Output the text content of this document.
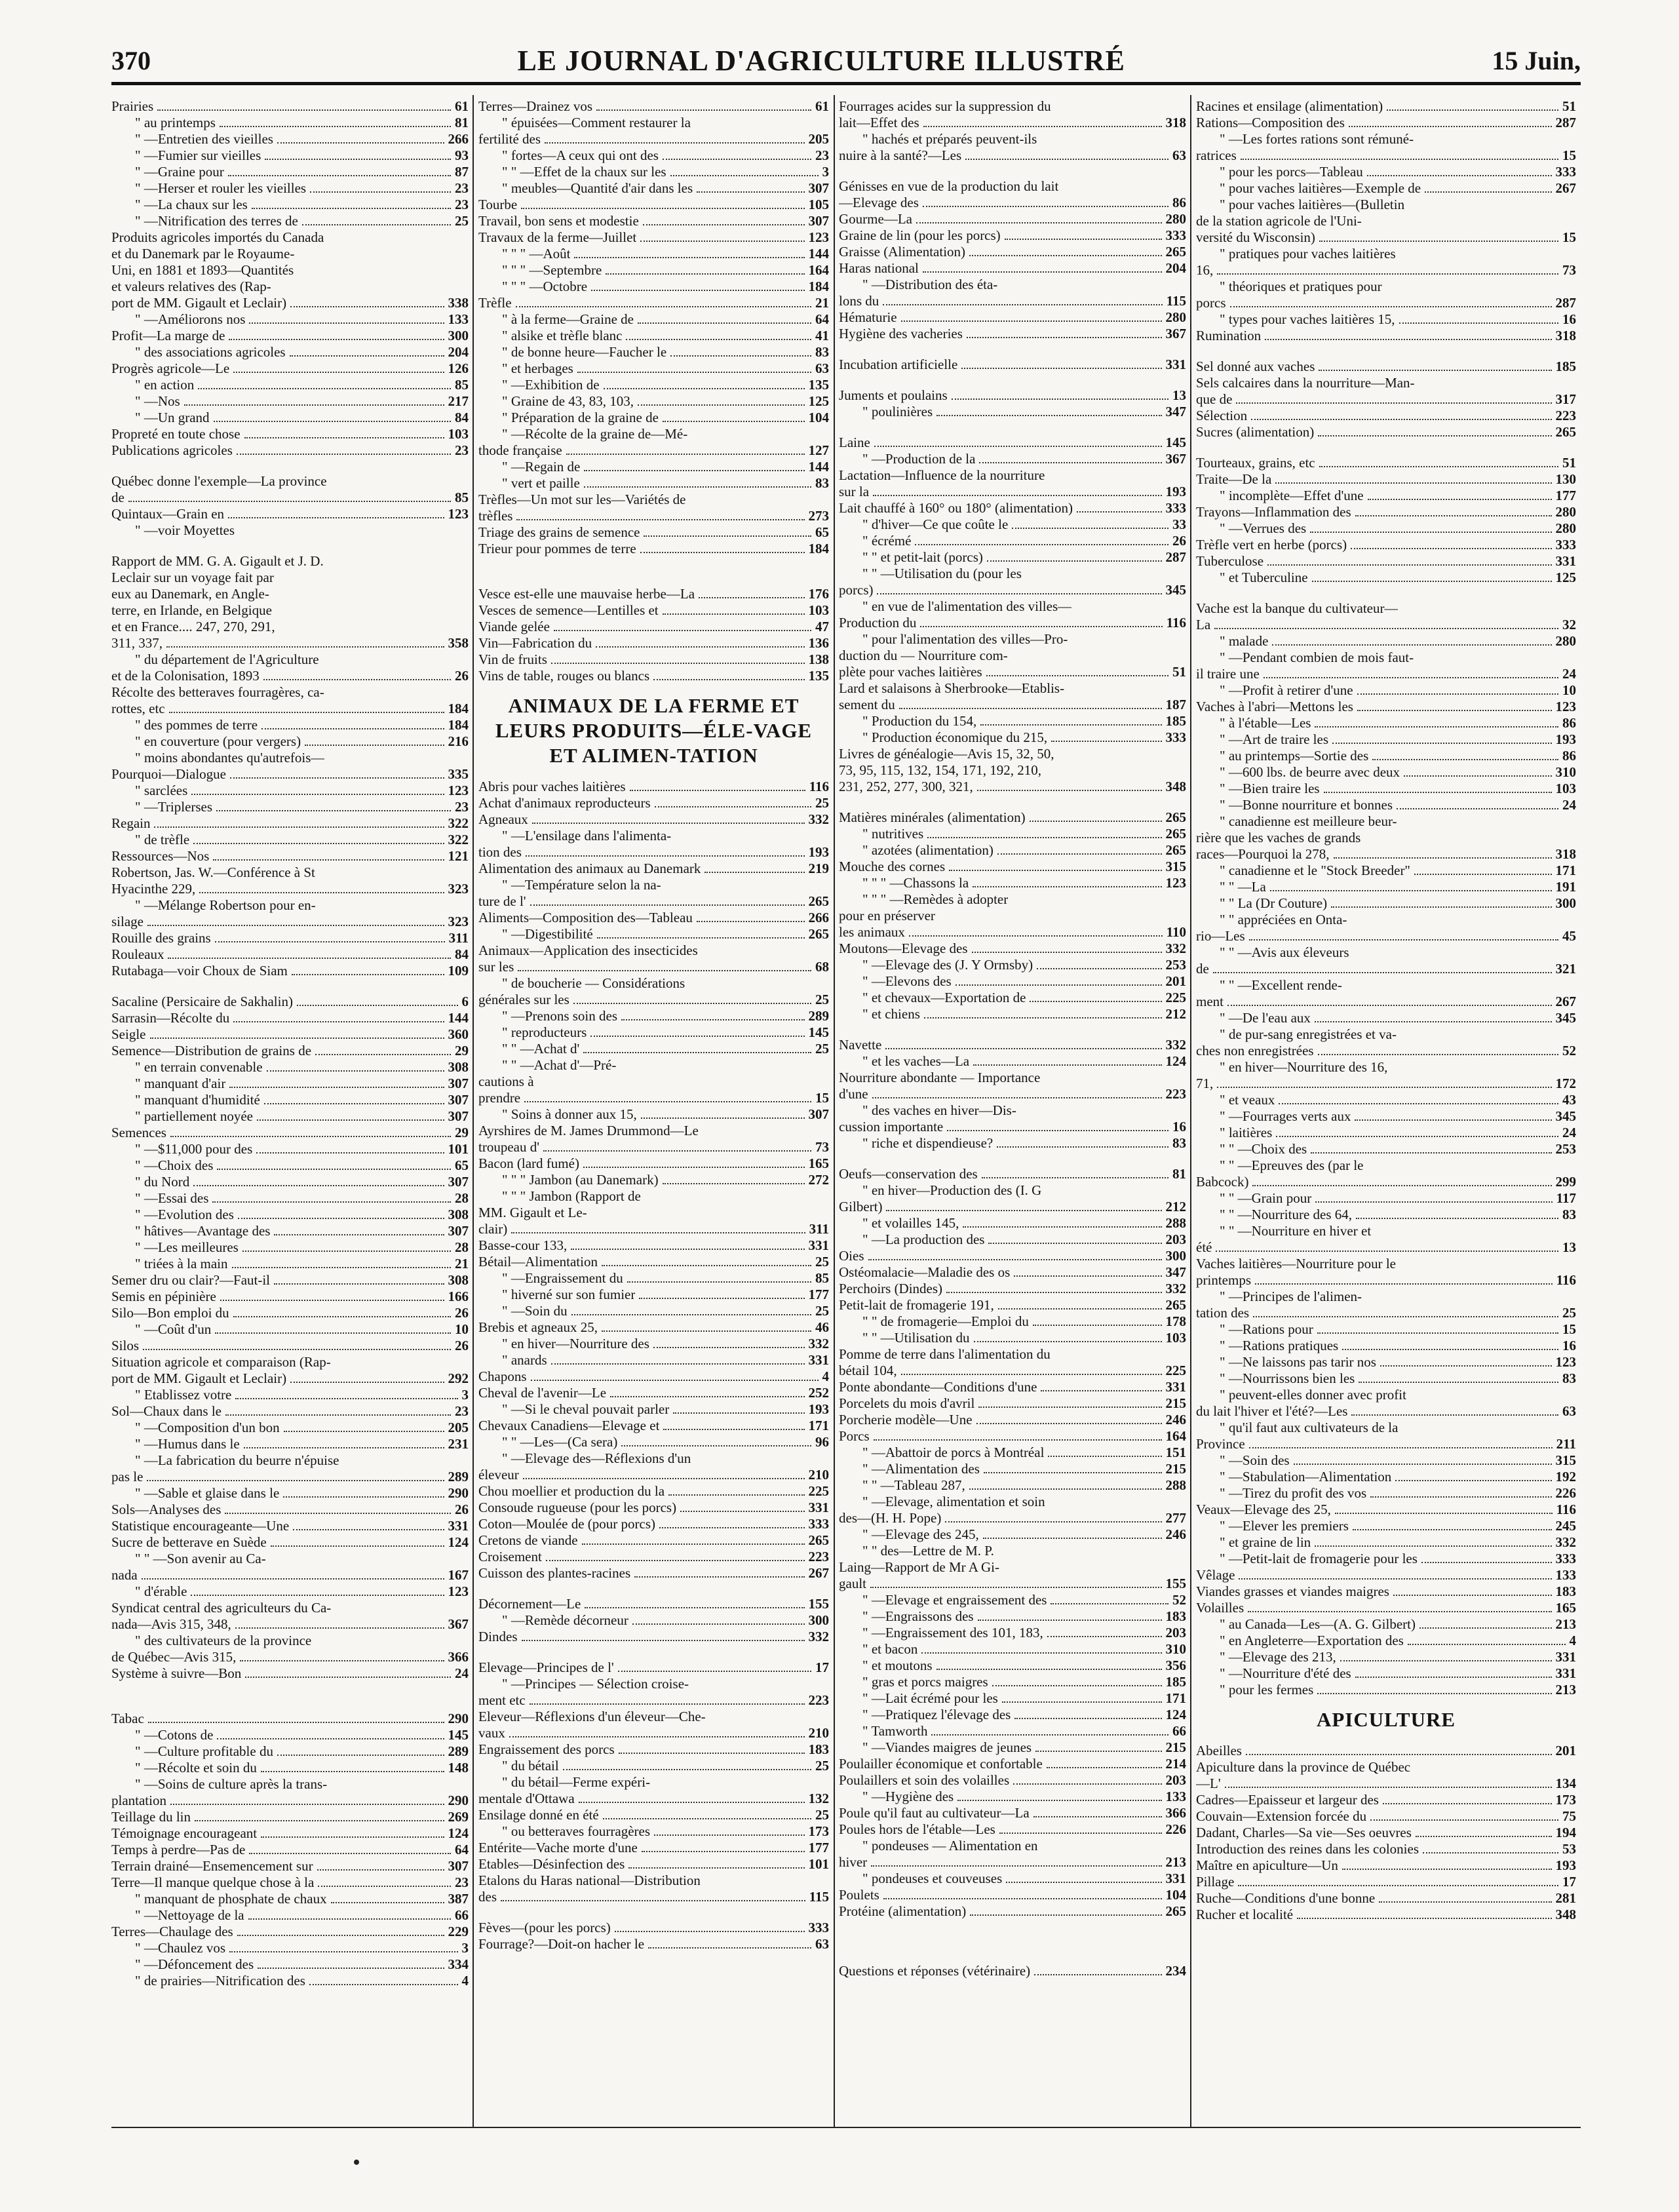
370	LE JOURNAL D'AGRICULTURE ILLUSTRÉ	15 Juin,
Prairies	61
" au printemps	81
" —Entretien des vieilles	266
" —Fumier sur vieilles	93
" —Graine pour	87
" —Herser et rouler les vieilles	23
" —La chaux sur les	23
" —Nitrification des terres de	25
Produits agricoles importés du Canada
et du Danemark par le Royaume-
Uni, en 1881 et 1893—Quantités
et valeurs relatives des (Rap-
port de MM. Gigault et Leclair)	338
" —Améliorons nos	133
Profit—La marge de	300
" des associations agricoles	204
Progrès agricole—Le	126
" en action	85
" —Nos	217
" —Un grand	84
Propreté en toute chose	103
Publications agricoles	23
Québec donne l'exemple—La province
de	85
Quintaux—Grain en	123
" —voir Moyettes
Rapport de MM. G. A. Gigault et J. D.
Leclair sur un voyage fait par
eux au Danemark, en Angle-
terre, en Irlande, en Belgique
et en France.... 247, 270, 291,
311, 337,	358
" du département de l'Agriculture
et de la Colonisation, 1893	26
Récolte des betteraves fourragères, ca-
rottes, etc	184
" des pommes de terre	184
" en couverture (pour vergers)	216
" moins abondantes qu'autrefois—
Pourquoi—Dialogue	335
" sarclées	123
" —Triplerses	23
Regain	322
" de trèfle	322
Ressources—Nos	121
Robertson, Jas. W.—Conférence à St
Hyacinthe 229,	323
" —Mélange Robertson pour en-
silage	323
Rouille des grains	311
Rouleaux	84
Rutabaga—voir Choux de Siam	109
Sacaline (Persicaire de Sakhalin)	6
Sarrasin—Récolte du	144
Seigle	360
Semence—Distribution de grains de	29
" en terrain convenable	308
" manquant d'air	307
" manquant d'humidité	307
" partiellement noyée	307
Semences	29
" —$11,000 pour des	101
" —Choix des	65
" du Nord	307
" —Essai des	28
" —Evolution des	308
" hâtives—Avantage des	307
" —Les meilleures	28
" triées à la main	21
Semer dru ou clair?—Faut-il	308
Semis en pépinière	166
Silo—Bon emploi du	26
" —Coût d'un	10
Silos	26
Situation agricole et comparaison (Rap-
port de MM. Gigault et Leclair)	292
" Etablissez votre	3
Sol—Chaux dans le	23
" —Composition d'un bon	205
" —Humus dans le	231
" —La fabrication du beurre n'épuise
pas le	289
" —Sable et glaise dans le	290
Sols—Analyses des	26
Statistique encourageante—Une	331
Sucre de betterave en Suède	124
" " —Son avenir au Ca-
nada	167
" d'érable	123
Syndicat central des agriculteurs du Ca-
nada—Avis 315, 348,	367
" des cultivateurs de la province
de Québec—Avis 315,	366
Système à suivre—Bon	24
Tabac	290
" —Cotons de	145
" —Culture profitable du	289
" —Récolte et soin du	148
" —Soins de culture après la trans-
plantation	290
Teillage du lin	269
Témoignage encourageant	124
Temps à perdre—Pas de	64
Terrain drainé—Ensemencement sur	307
Terre—Il manque quelque chose à la	23
" manquant de phosphate de chaux	387
" —Nettoyage de la	66
Terres—Chaulage des	229
" —Chaulez vos	3
" —Défoncement des	334
" de prairies—Nitrification des	4
Terres—Drainez vos	61
" épuisées—Comment restaurer la
fertilité des	205
" fortes—A ceux qui ont des	23
" " —Effet de la chaux sur les	3
" meubles—Quantité d'air dans les	307
Tourbe	105
Travail, bon sens et modestie	307
Travaux de la ferme—Juillet	123
" " " —Août	144
" " " —Septembre	164
" " " —Octobre	184
Trèfle	21
" à la ferme—Graine de	64
" alsike et trèfle blanc	41
" de bonne heure—Faucher le	83
" et herbages	63
" —Exhibition de	135
" Graine de 43, 83, 103,	125
" Préparation de la graine de	104
" —Récolte de la graine de—Mé-
thode française	127
" —Regain de	144
" vert et paille	83
Trèfles—Un mot sur les—Variétés de
trèfles	273
Triage des grains de semence	65
Trieur pour pommes de terre	184
Vesce est-elle une mauvaise herbe—La	176
Vesces de semence—Lentilles et	103
Viande gelée	47
Vin—Fabrication du	136
Vin de fruits	138
Vins de table, rouges ou blancs	135
ANIMAUX DE LA FERME ET LEURS PRODUITS—ÉLE-VAGE ET ALIMEN-TATION
Abris pour vaches laitières	116
Achat d'animaux reproducteurs	25
Agneaux	332
" —L'ensilage dans l'alimenta-
tion des	193
Alimentation des animaux au Danemark	219
" —Température selon la na-
ture de l'	265
Aliments—Composition des—Tableau	266
" —Digestibilité	265
Animaux—Application des insecticides
sur les	68
" de boucherie — Considérations
générales sur les	25
" —Prenons soin des	289
" reproducteurs	145
" " —Achat d'	25
" " —Achat d'—Pré-
cautions à
prendre	15
" Soins à donner aux 15,	307
Ayrshires de M. James Drummond—Le
troupeau d'	73
Bacon (lard fumé)	165
" " " Jambon (au Danemark)	272
" " " Jambon (Rapport de
MM. Gigault et Le-
clair)	311
Basse-cour 133,	331
Bétail—Alimentation	25
" —Engraissement du	85
" hiverné sur son fumier	177
" —Soin du	25
Brebis et agneaux 25,	46
" en hiver—Nourriture des	332
" anards	331
Chapons	4
Cheval de l'avenir—Le	252
" —Si le cheval pouvait parler	193
Chevaux Canadiens—Elevage et	171
" " —Les—(Ca sera)	96
" —Elevage des—Réflexions d'un
éleveur	210
Chou moellier et production du la	225
Consoude rugueuse (pour les porcs)	331
Coton—Moulée de (pour porcs)	333
Cretons de viande	265
Croisement	223
Cuisson des plantes-racines	267
Décornement—Le	155
" —Remède décorneur	300
Dindes	332
Elevage—Principes de l'	17
" —Principes — Sélection croise-
ment etc	223
Eleveur—Réflexions d'un éleveur—Che-
vaux	210
Engraissement des porcs	183
" du bétail	25
" du bétail—Ferme expéri-
mentale d'Ottawa	132
Ensilage donné en été	25
" ou betteraves fourragères	173
Entérite—Vache morte d'une	177
Etables—Désinfection des	101
Etalons du Haras national—Distribution
des	115
Fèves—(pour les porcs)	333
Fourrage?—Doit-on hacher le	63
Fourrages acides sur la suppression du
lait—Effet des	318
" hachés et préparés peuvent-ils
nuire à la santé?—Les	63
Génisses en vue de la production du lait
—Elevage des	86
Gourme—La	280
Graine de lin (pour les porcs)	333
Graisse (Alimentation)	265
Haras national	204
" —Distribution des éta-
lons du	115
Hématurie	280
Hygiène des vacheries	367
Incubation artificielle	331
Juments et poulains	13
" poulinières	347
Laine	145
" —Production de la	367
Lactation—Influence de la nourriture
sur la	193
Lait chauffé à 160° ou 180° (alimentation)	333
" d'hiver—Ce que coûte le	33
" écrémé	26
" " et petit-lait (porcs)	287
" " —Utilisation du (pour les
porcs)	345
" en vue de l'alimentation des villes—
Production du	116
" pour l'alimentation des villes—Pro-
duction du — Nourriture com-
plète pour vaches laitières	51
Lard et salaisons à Sherbrooke—Etablis-
sement du	187
" Production du 154,	185
" Production économique du 215,	333
Livres de généalogie—Avis 15, 32, 50,
73, 95, 115, 132, 154, 171, 192, 210,
231, 252, 277, 300, 321,	348
Matières minérales (alimentation)	265
" nutritives	265
" azotées (alimentation)	265
Mouche des cornes	315
" " " —Chassons la	123
" " " —Remèdes à adopter
pour en préserver
les animaux	110
Moutons—Elevage des	332
" —Elevage des (J. Y Ormsby)	253
" —Elevons des	201
" et chevaux—Exportation de	225
" et chiens	212
Navette	332
" et les vaches—La	124
Nourriture abondante — Importance
d'une	223
" des vaches en hiver—Dis-
cussion importante	16
" riche et dispendieuse?	83
Oeufs—conservation des	81
" en hiver—Production des (I. G
Gilbert)	212
" et volailles 145,	288
" —La production des	203
Oies	300
Ostéomalacie—Maladie des os	347
Perchoirs (Dindes)	332
Petit-lait de fromagerie 191,	265
" " de fromagerie—Emploi du	178
" " —Utilisation du	103
Pomme de terre dans l'alimentation du
bétail 104,	225
Ponte abondante—Conditions d'une	331
Porcelets du mois d'avril	215
Porcherie modèle—Une	246
Porcs	164
" —Abattoir de porcs à Montréal	151
" —Alimentation des	215
" " —Tableau 287,	288
" —Elevage, alimentation et soin
des—(H. H. Pope)	277
" —Elevage des 245,	246
" " des—Lettre de M. P.
Laing—Rapport de Mr A Gi-
gault	155
" —Elevage et engraissement des	52
" —Engraissons des	183
" —Engraissement des 101, 183,	203
" et bacon	310
" et moutons	356
" gras et porcs maigres	185
" —Lait écrémé pour les	171
" —Pratiquez l'élevage des	124
" Tamworth	66
" —Viandes maigres de jeunes	215
Poulailler économique et confortable	214
Poulaillers et soin des volailles	203
" —Hygiène des	133
Poule qu'il faut au cultivateur—La	366
Poules hors de l'étable—Les	226
" pondeuses — Alimentation en
hiver	213
" pondeuses et couveuses	331
Poulets	104
Protéine (alimentation)	265
Questions et réponses (vétérinaire)	234
Racines et ensilage (alimentation)	51
Rations—Composition des	287
" —Les fortes rations sont rémuné-
ratrices	15
" pour les porcs—Tableau	333
" pour vaches laitières—Exemple de	267
" pour vaches laitières—(Bulletin
de la station agricole de l'Uni-
versité du Wisconsin)	15
" pratiques pour vaches laitières
16,	73
" théoriques et pratiques pour
porcs	287
" types pour vaches laitières 15,	16
Rumination	318
Sel donné aux vaches	185
Sels calcaires dans la nourriture—Man-
que de	317
Sélection	223
Sucres (alimentation)	265
Tourteaux, grains, etc	51
Traite—De la	130
" incomplète—Effet d'une	177
Trayons—Inflammation des	280
" —Verrues des	280
Trèfle vert en herbe (porcs)	333
Tuberculose	331
" et Tuberculine	125
Vache est la banque du cultivateur—
La	32
" malade	280
" —Pendant combien de mois faut-
il traire une	24
" —Profit à retirer d'une	10
Vaches à l'abri—Mettons les	123
" à l'étable—Les	86
" —Art de traire les	193
" au printemps—Sortie des	86
" —600 lbs. de beurre avec deux	310
" —Bien traire les	103
" —Bonne nourriture et bonnes	24
" canadienne est meilleure beur-
rière que les vaches de grands
races—Pourquoi la 278,	318
" canadienne et le "Stock Breeder"	171
" " —La	191
" " La (Dr Couture)	300
" " appréciées en Onta-
rio—Les	45
" " —Avis aux éleveurs
de	321
" " —Excellent rende-
ment	267
" —De l'eau aux	345
" de pur-sang enregistrées et va-
ches non enregistrées	52
" en hiver—Nourriture des 16,
71,	172
" et veaux	43
" —Fourrages verts aux	345
" laitières	24
" " —Choix des	253
" " —Epreuves des (par le
Babcock)	299
" " —Grain pour	117
" " —Nourriture des 64,	83
" " —Nourriture en hiver et
été	13
Vaches laitières—Nourriture pour le
printemps	116
" —Principes de l'alimen-
tation des	25
" —Rations pour	15
" —Rations pratiques	16
" —Ne laissons pas tarir nos	123
" —Nourrissons bien les	83
" peuvent-elles donner avec profit
du lait l'hiver et l'été?—Les	63
" qu'il faut aux cultivateurs de la
Province	211
" —Soin des	315
" —Stabulation—Alimentation	192
" —Tirez du profit des vos	226
Veaux—Elevage des 25,	116
" —Elever les premiers	245
" et graine de lin	332
" —Petit-lait de fromagerie pour les	333
Vêlage	133
Viandes grasses et viandes maigres	183
Volailles	165
" au Canada—Les—(A. G. Gilbert)	213
" en Angleterre—Exportation des	4
" —Elevage des 213,	331
" —Nourriture d'été des	331
" pour les fermes	213
APICULTURE
Abeilles	201
Apiculture dans la province de Québec
—L'	134
Cadres—Epaisseur et largeur des	173
Couvain—Extension forcée du	75
Dadant, Charles—Sa vie—Ses oeuvres	194
Introduction des reines dans les colonies	53
Maître en apiculture—Un	193
Pillage	17
Ruche—Conditions d'une bonne	281
Rucher et localité	348
